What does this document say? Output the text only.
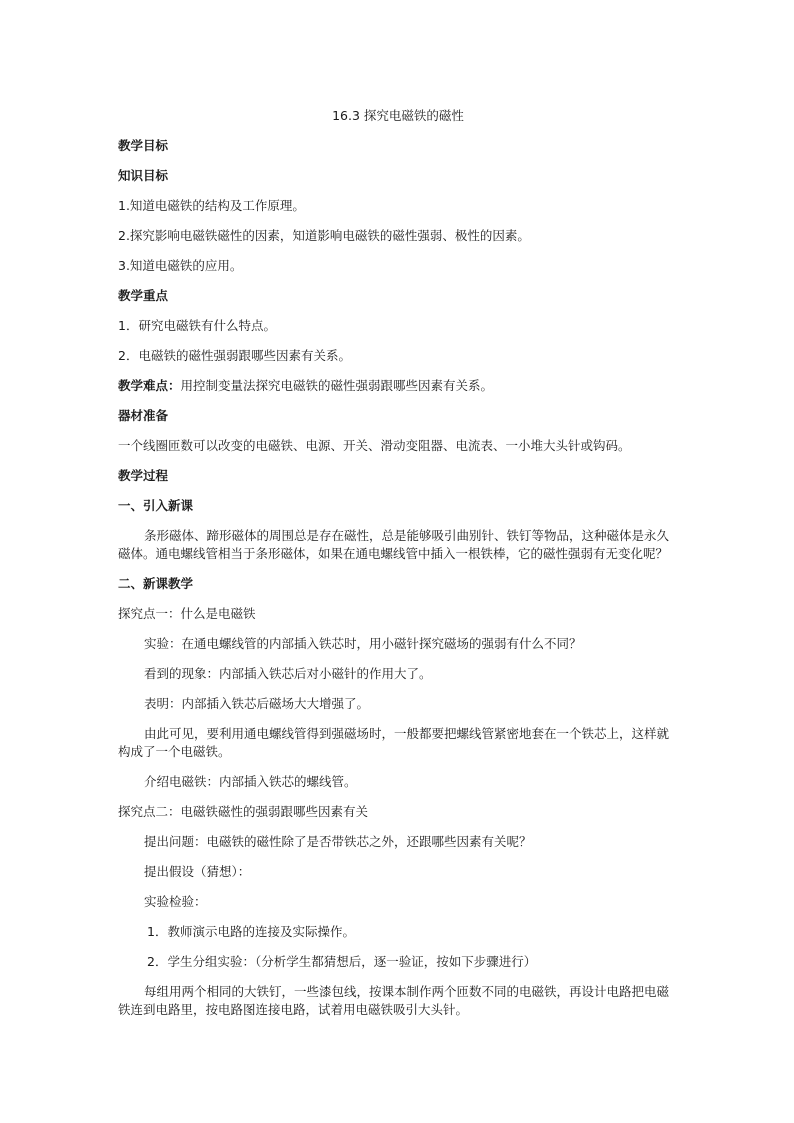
16.3 探究电磁铁的磁性
教学目标
知识目标
1.知道电磁铁的结构及工作原理。
2.探究影响电磁铁磁性的因素，知道影响电磁铁的磁性强弱、极性的因素。
3.知道电磁铁的应用。
教学重点
1．研究电磁铁有什么特点。
2．电磁铁的磁性强弱跟哪些因素有关系。
教学难点：用控制变量法探究电磁铁的磁性强弱跟哪些因素有关系。
器材准备
一个线圈匝数可以改变的电磁铁、电源、开关、滑动变阻器、电流表、一小堆大头针或钩码。
教学过程
一、引入新课
条形磁体、蹄形磁体的周围总是存在磁性，总是能够吸引曲别针、铁钉等物品，这种磁体是永久磁体。通电螺线管相当于条形磁体，如果在通电螺线管中插入一根铁棒，它的磁性强弱有无变化呢？
二、新课教学
探究点一：什么是电磁铁
实验：在通电螺线管的内部插入铁芯时，用小磁针探究磁场的强弱有什么不同？
看到的现象：内部插入铁芯后对小磁针的作用大了。
表明：内部插入铁芯后磁场大大增强了。
由此可见，要利用通电螺线管得到强磁场时，一般都要把螺线管紧密地套在一个铁芯上，这样就构成了一个电磁铁。
介绍电磁铁：内部插入铁芯的螺线管。
探究点二：电磁铁磁性的强弱跟哪些因素有关
提出问题：电磁铁的磁性除了是否带铁芯之外，还跟哪些因素有关呢？
提出假设（猜想）：
实验检验：
1．教师演示电路的连接及实际操作。
2．学生分组实验：（分析学生都猜想后，逐一验证，按如下步骤进行）
每组用两个相同的大铁钉，一些漆包线，按课本制作两个匝数不同的电磁铁，再设计电路把电磁铁连到电路里，按电路图连接电路，试着用电磁铁吸引大头针。
